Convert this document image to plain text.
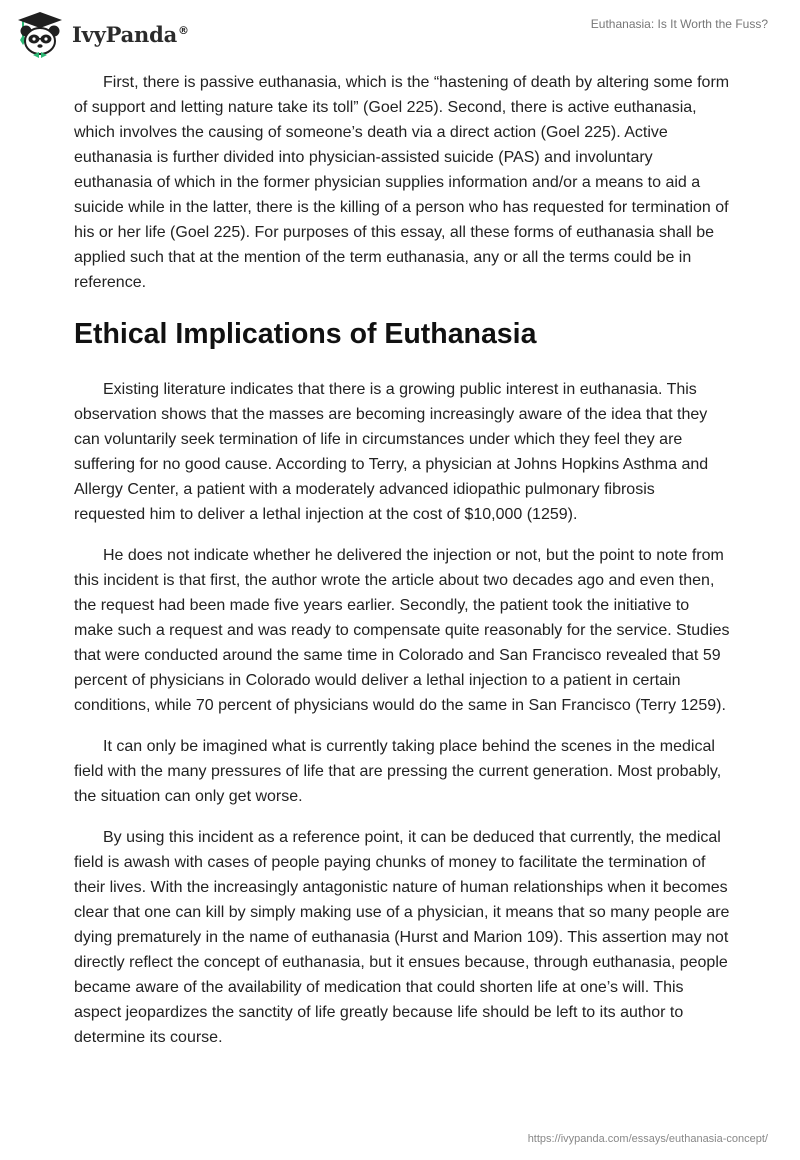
IvyPanda®	Euthanasia: Is It Worth the Fuss?

First, there is passive euthanasia, which is the “hastening of death by altering some form of support and letting nature take its toll” (Goel 225). Second, there is active euthanasia, which involves the causing of someone’s death via a direct action (Goel 225). Active euthanasia is further divided into physician-assisted suicide (PAS) and involuntary euthanasia of which in the former physician supplies information and/or a means to aid a suicide while in the latter, there is the killing of a person who has requested for termination of his or her life (Goel 225). For purposes of this essay, all these forms of euthanasia shall be applied such that at the mention of the term euthanasia, any or all the terms could be in reference.

Ethical Implications of Euthanasia

Existing literature indicates that there is a growing public interest in euthanasia. This observation shows that the masses are becoming increasingly aware of the idea that they can voluntarily seek termination of life in circumstances under which they feel they are suffering for no good cause. According to Terry, a physician at Johns Hopkins Asthma and Allergy Center, a patient with a moderately advanced idiopathic pulmonary fibrosis requested him to deliver a lethal injection at the cost of $10,000 (1259).

He does not indicate whether he delivered the injection or not, but the point to note from this incident is that first, the author wrote the article about two decades ago and even then, the request had been made five years earlier. Secondly, the patient took the initiative to make such a request and was ready to compensate quite reasonably for the service. Studies that were conducted around the same time in Colorado and San Francisco revealed that 59 percent of physicians in Colorado would deliver a lethal injection to a patient in certain conditions, while 70 percent of physicians would do the same in San Francisco (Terry 1259).

It can only be imagined what is currently taking place behind the scenes in the medical field with the many pressures of life that are pressing the current generation. Most probably, the situation can only get worse.

By using this incident as a reference point, it can be deduced that currently, the medical field is awash with cases of people paying chunks of money to facilitate the termination of their lives. With the increasingly antagonistic nature of human relationships when it becomes clear that one can kill by simply making use of a physician, it means that so many people are dying prematurely in the name of euthanasia (Hurst and Marion 109). This assertion may not directly reflect the concept of euthanasia, but it ensues because, through euthanasia, people became aware of the availability of medication that could shorten life at one’s will. This aspect jeopardizes the sanctity of life greatly because life should be left to its author to determine its course.

https://ivypanda.com/essays/euthanasia-concept/
